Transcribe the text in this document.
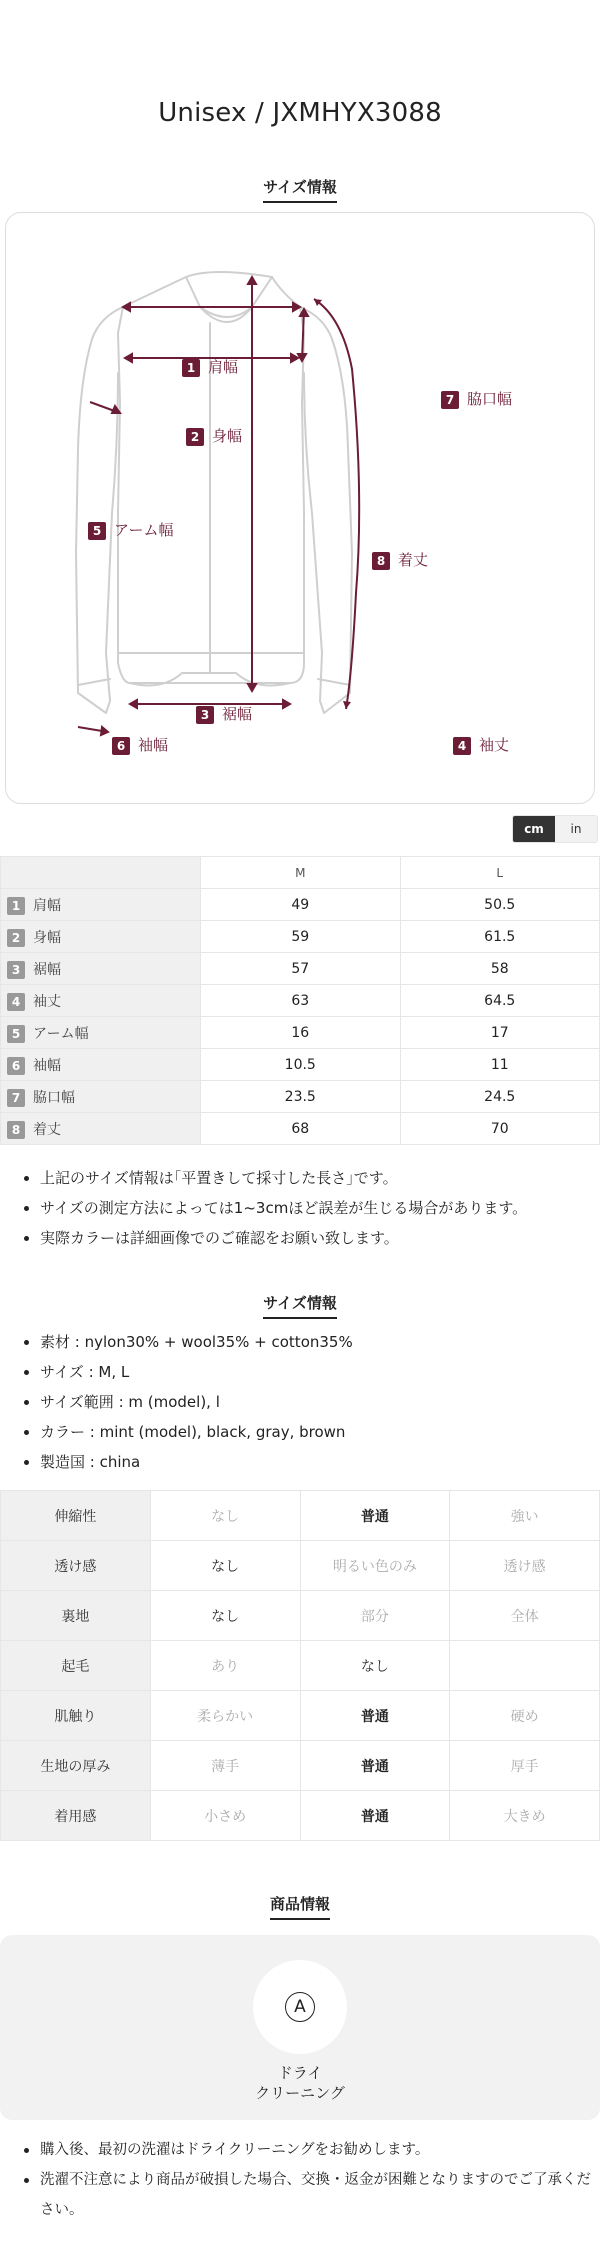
Unisex / JXMHYX3088
サイズ情報
1 肩幅
2 身幅
3 裾幅
4 袖丈
5 アーム幅
6 袖幅
7 脇口幅
8 着丈
cm	in
	M	L
1 肩幅	49	50.5
2 身幅	59	61.5
3 裾幅	57	58
4 袖丈	63	64.5
5 アーム幅	16	17
6 袖幅	10.5	11
7 脇口幅	23.5	24.5
8 着丈	68	70
上記のサイズ情報は｢平置きして採寸した長さ｣です。
サイズの測定方法によっては1~3cmほど誤差が生じる場合があります。
実際カラーは詳細画像でのご確認をお願い致します。
サイズ情報
素材 : nylon30% + wool35% + cotton35%
サイズ : M, L
サイズ範囲 : m (model), l
カラー : mint (model), black, gray, brown
製造国 : china
伸縮性	なし	普通	強い
透け感	なし	明るい色のみ	透け感
裏地	なし	部分	全体
起毛	あり	なし	
肌触り	柔らかい	普通	硬め
生地の厚み	薄手	普通	厚手
着用感	小さめ	普通	大きめ
商品情報
A
ドライ
クリーニング
購入後、最初の洗濯はドライクリーニングをお勧めします。
洗濯不注意により商品が破損した場合、交換・返金が困難となりますのでご了承ください。
